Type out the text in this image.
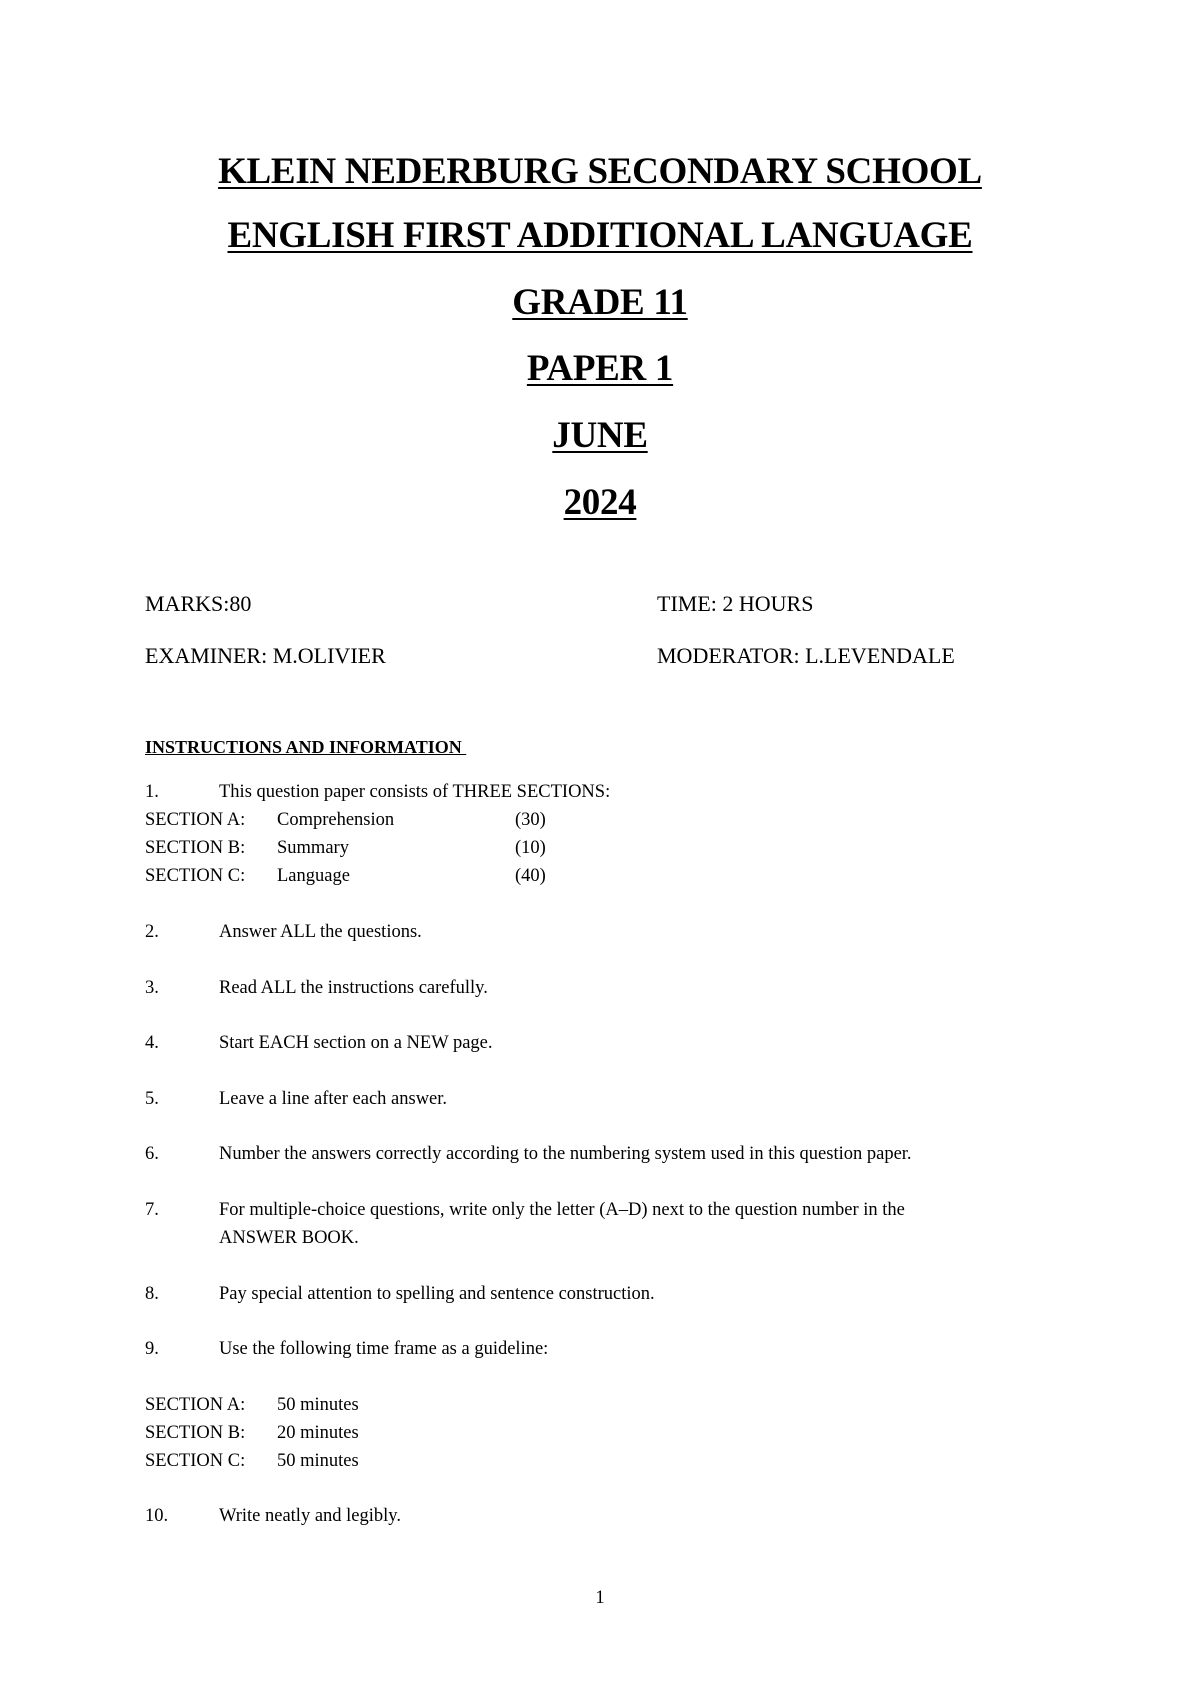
KLEIN NEDERBURG SECONDARY SCHOOL
ENGLISH FIRST ADDITIONAL LANGUAGE
GRADE 11
PAPER 1
JUNE
2024
MARKS:80	TIME: 2 HOURS
EXAMINER: M.OLIVIER	MODERATOR: L.LEVENDALE
INSTRUCTIONS AND INFORMATION
1.	This question paper consists of THREE SECTIONS:
SECTION A: Comprehension	(30)
SECTION B: Summary	(10)
SECTION C: Language	(40)
2.	Answer ALL the questions.
3.	Read ALL the instructions carefully.
4.	Start EACH section on a NEW page.
5.	Leave a line after each answer.
6.	Number the answers correctly according to the numbering system used in this question paper.
7.	For multiple-choice questions, write only the letter (A–D) next to the question number in the
ANSWER BOOK.
8.	Pay special attention to spelling and sentence construction.
9.	Use the following time frame as a guideline:
SECTION A: 50 minutes
SECTION B: 20 minutes
SECTION C: 50 minutes
10.	Write neatly and legibly.
1
